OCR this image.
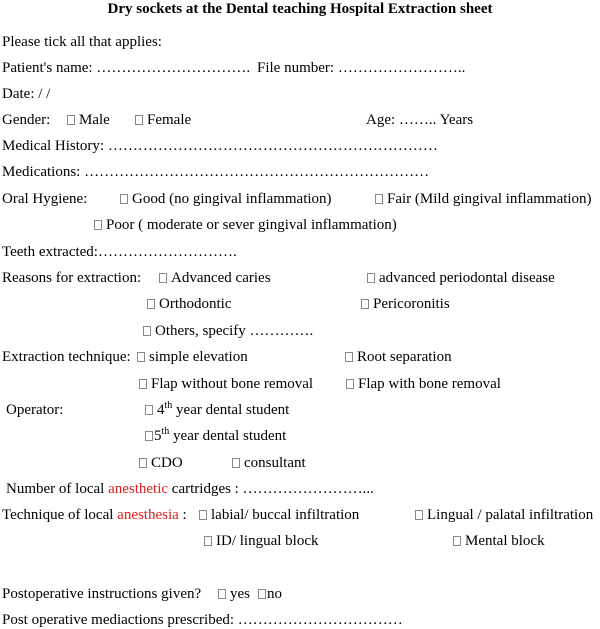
Dry sockets at the Dental teaching Hospital Extraction sheet
Please tick all that applies:
Patient's name: …………………………. File number: ……………………..
Date: / /
Gender:	Male	Female	Age: …….. Years
Medical History: …………………………………………………………
Medications: ……………………………………………………………
Oral Hygiene:	Good (no gingival inflammation)	Fair (Mild gingival inflammation)
Poor ( moderate or sever gingival inflammation)
Teeth extracted:……………………….
Reasons for extraction:	Advanced caries	advanced periodontal disease
Orthodontic	Pericoronitis
Others, specify ………….
Extraction technique:	simple elevation	Root separation
Flap without bone removal	Flap with bone removal
Operator:	4th year dental student
5th year dental student
CDO	consultant
Number of local anesthetic cartridges : ……………………...
Technique of local anesthesia :	labial/ buccal infiltration	Lingual / palatal infiltration
ID/ lingual block	Mental block
Postoperative instructions given?	yes	no
Post operative mediactions prescribed: ……………………………
